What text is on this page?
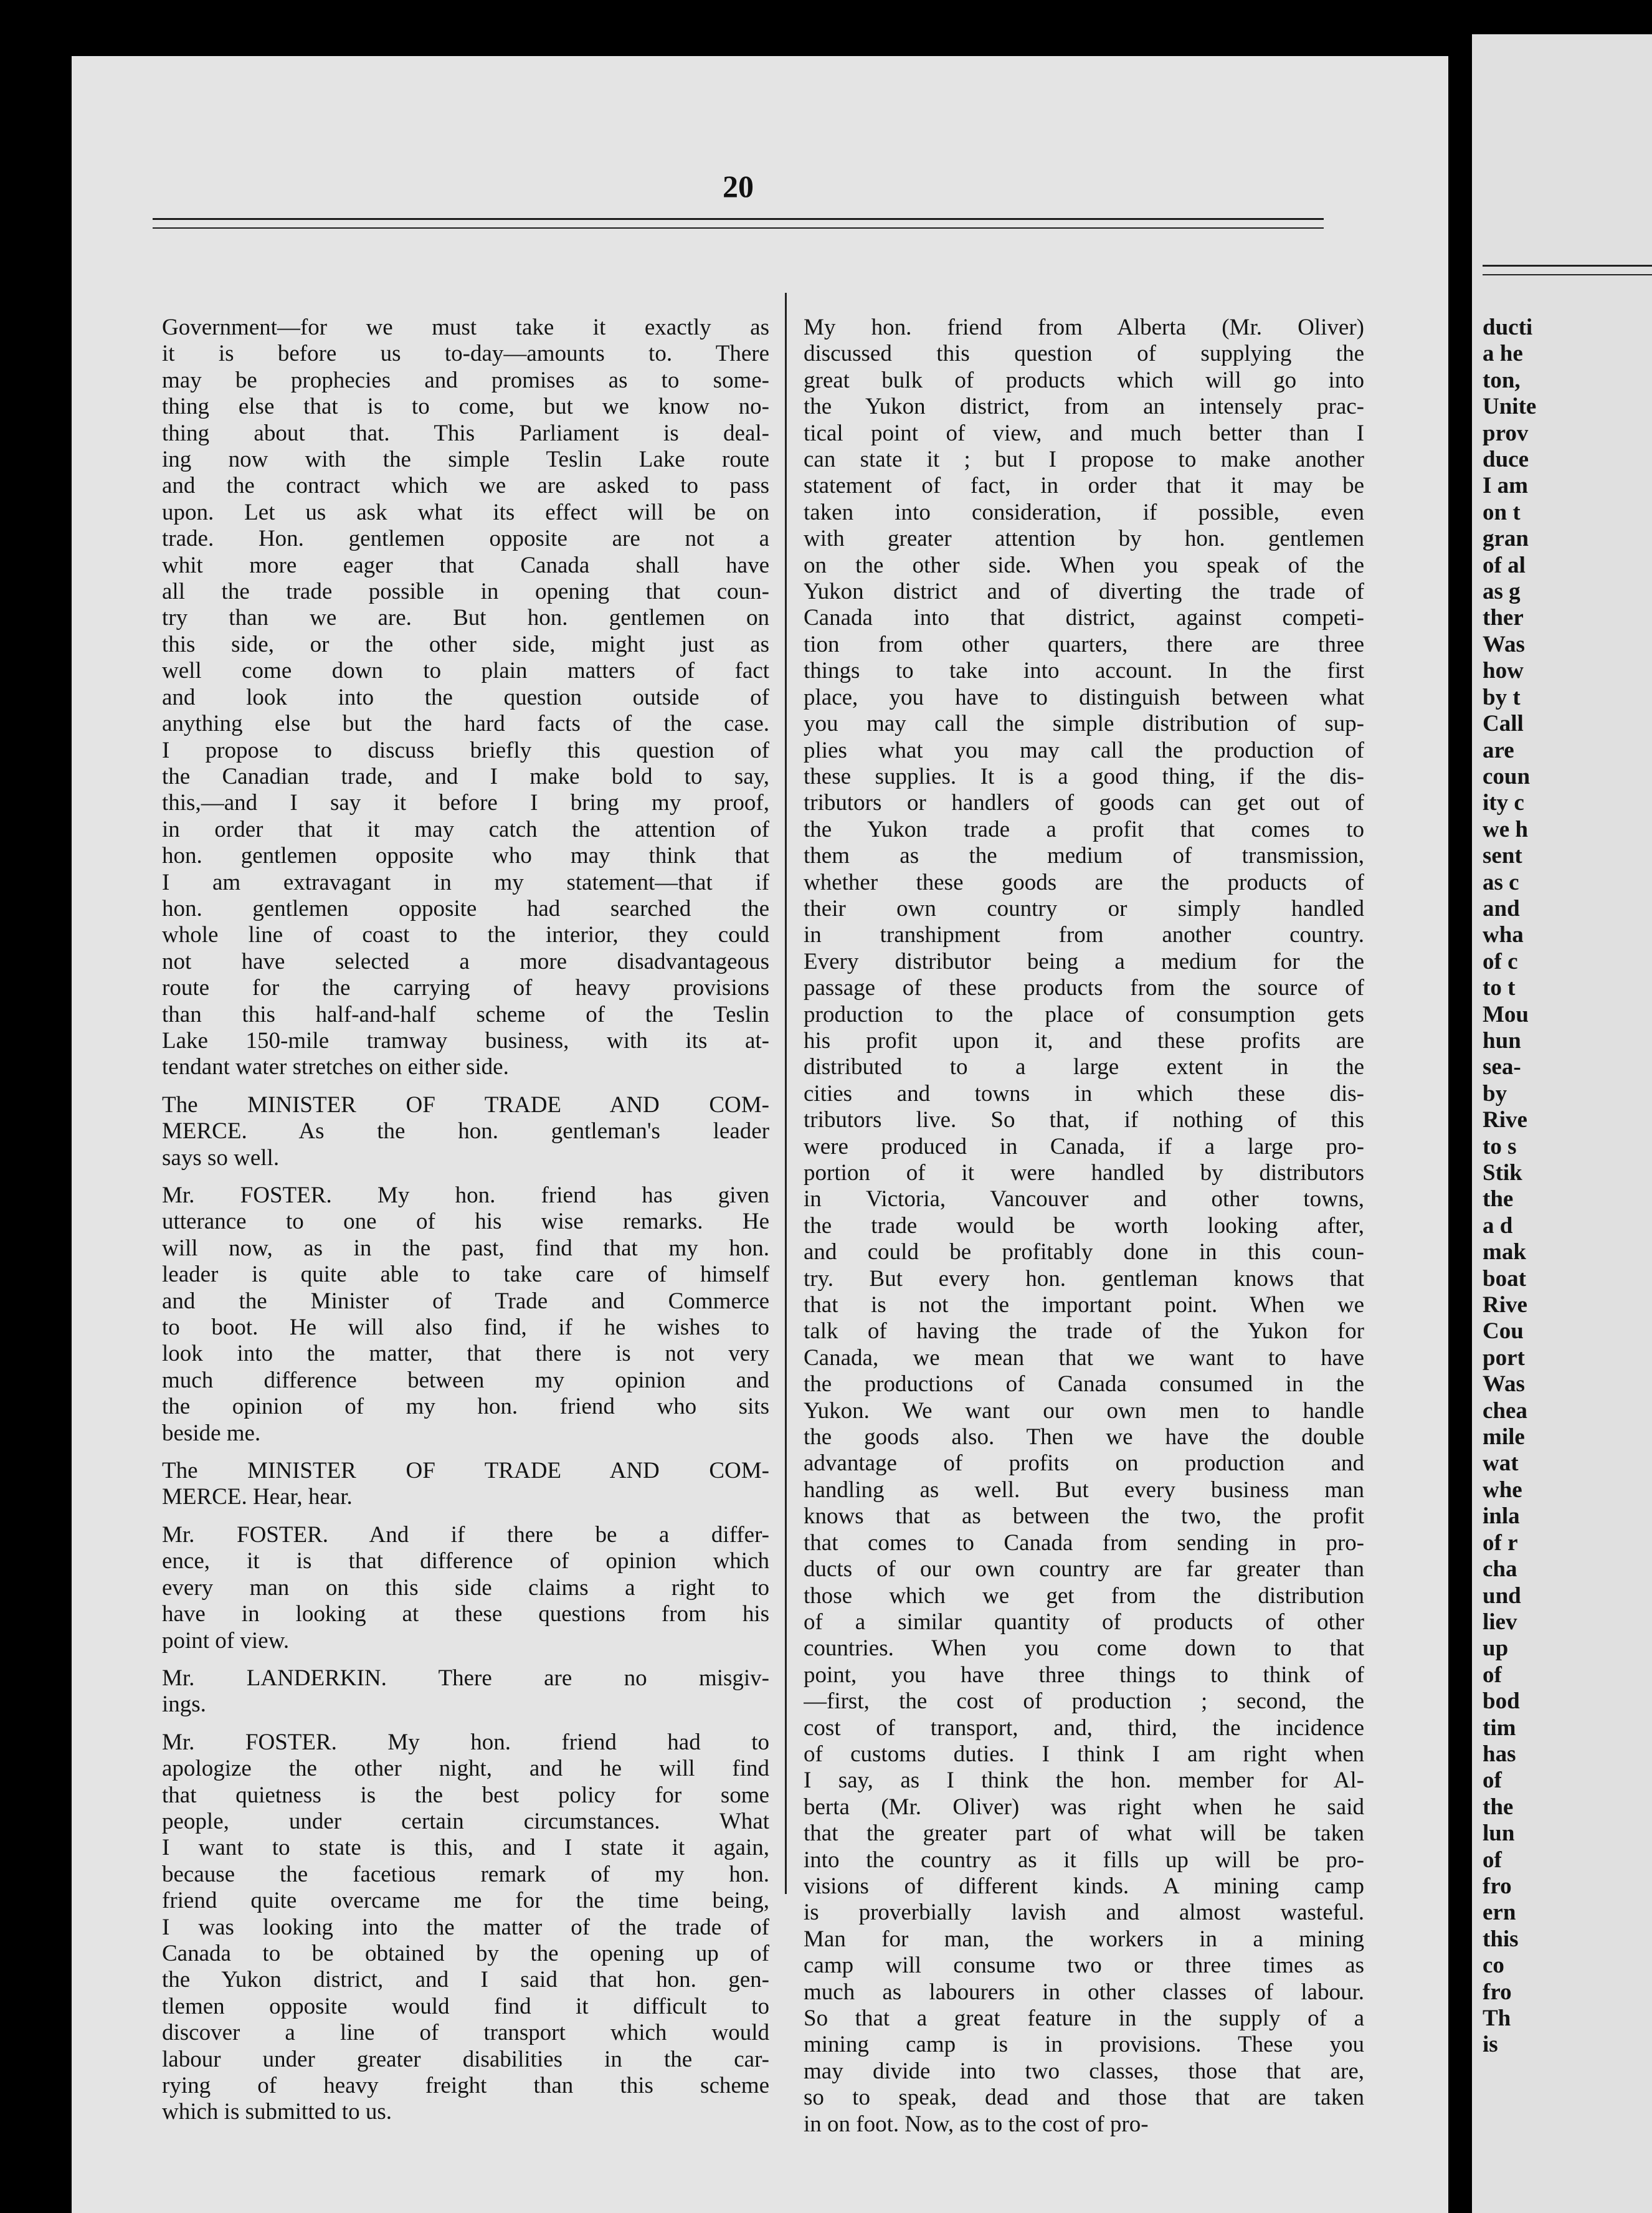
20
Government—for we must take it exactly as
it is before us to-day—amounts to. There
may be prophecies and promises as to some-
thing else that is to come, but we know no-
thing about that. This Parliament is deal-
ing now with the simple Teslin Lake route
and the contract which we are asked to pass
upon. Let us ask what its effect will be on
trade. Hon. gentlemen opposite are not a
whit more eager that Canada shall have
all the trade possible in opening that coun-
try than we are. But hon. gentlemen on
this side, or the other side, might just as
well come down to plain matters of fact
and look into the question outside of
anything else but the hard facts of the case.
I propose to discuss briefly this question of
the Canadian trade, and I make bold to say,
this,—and I say it before I bring my proof,
in order that it may catch the attention of
hon. gentlemen opposite who may think that
I am extravagant in my statement—that if
hon. gentlemen opposite had searched the
whole line of coast to the interior, they could
not have selected a more disadvantageous
route for the carrying of heavy provisions
than this half-and-half scheme of the Teslin
Lake 150-mile tramway business, with its at-
tendant water stretches on either side.
The MINISTER OF TRADE AND COM-
MERCE. As the hon. gentleman's leader
says so well.
Mr. FOSTER. My hon. friend has given
utterance to one of his wise remarks. He
will now, as in the past, find that my hon.
leader is quite able to take care of himself
and the Minister of Trade and Commerce
to boot. He will also find, if he wishes to
look into the matter, that there is not very
much difference between my opinion and
the opinion of my hon. friend who sits
beside me.
The MINISTER OF TRADE AND COM-
MERCE. Hear, hear.
Mr. FOSTER. And if there be a differ-
ence, it is that difference of opinion which
every man on this side claims a right to
have in looking at these questions from his
point of view.
Mr. LANDERKIN. There are no misgiv-
ings.
Mr. FOSTER. My hon. friend had to
apologize the other night, and he will find
that quietness is the best policy for some
people, under certain circumstances. What
I want to state is this, and I state it again,
because the facetious remark of my hon.
friend quite overcame me for the time being,
I was looking into the matter of the trade of
Canada to be obtained by the opening up of
the Yukon district, and I said that hon. gen-
tlemen opposite would find it difficult to
discover a line of transport which would
labour under greater disabilities in the car-
rying of heavy freight than this scheme
which is submitted to us.
My hon. friend from Alberta (Mr. Oliver)
discussed this question of supplying the
great bulk of products which will go into
the Yukon district, from an intensely prac-
tical point of view, and much better than I
can state it ; but I propose to make another
statement of fact, in order that it may be
taken into consideration, if possible, even
with greater attention by hon. gentlemen
on the other side. When you speak of the
Yukon district and of diverting the trade of
Canada into that district, against competi-
tion from other quarters, there are three
things to take into account. In the first
place, you have to distinguish between what
you may call the simple distribution of sup-
plies what you may call the production of
these supplies. It is a good thing, if the dis-
tributors or handlers of goods can get out of
the Yukon trade a profit that comes to
them as the medium of transmission,
whether these goods are the products of
their own country or simply handled
in transhipment from another country.
Every distributor being a medium for the
passage of these products from the source of
production to the place of consumption gets
his profit upon it, and these profits are
distributed to a large extent in the
cities and towns in which these dis-
tributors live. So that, if nothing of this
were produced in Canada, if a large pro-
portion of it were handled by distributors
in Victoria, Vancouver and other towns,
the trade would be worth looking after,
and could be profitably done in this coun-
try. But every hon. gentleman knows that
that is not the important point. When we
talk of having the trade of the Yukon for
Canada, we mean that we want to have
the productions of Canada consumed in the
Yukon. We want our own men to handle
the goods also. Then we have the double
advantage of profits on production and
handling as well. But every business man
knows that as between the two, the profit
that comes to Canada from sending in pro-
ducts of our own country are far greater than
those which we get from the distribution
of a similar quantity of products of other
countries. When you come down to that
point, you have three things to think of
—first, the cost of production ; second, the
cost of transport, and, third, the incidence
of customs duties. I think I am right when
I say, as I think the hon. member for Al-
berta (Mr. Oliver) was right when he said
that the greater part of what will be taken
into the country as it fills up will be pro-
visions of different kinds. A mining camp
is proverbially lavish and almost wasteful.
Man for man, the workers in a mining
camp will consume two or three times as
much as labourers in other classes of labour.
So that a great feature in the supply of a
mining camp is in provisions. These you
may divide into two classes, those that are,
so to speak, dead and those that are taken
in on foot. Now, as to the cost of pro-
ducti
a he
ton,
Unite
prov
duce
I am
on t
gran
of al
as g
ther
Was
how
by t
Call
are
coun
ity c
we h
sent
as c
and
wha
of c
to t
Mou
hun
sea-
by
Rive
to s
Stik
the
a d
mak
boat
Rive
Cou
port
Was
chea
mile
wat
whe
inla
of r
cha
und
liev
up
of
bod
tim
has
of
the
lun
of
fro
ern
this
co
fro
Th
is
